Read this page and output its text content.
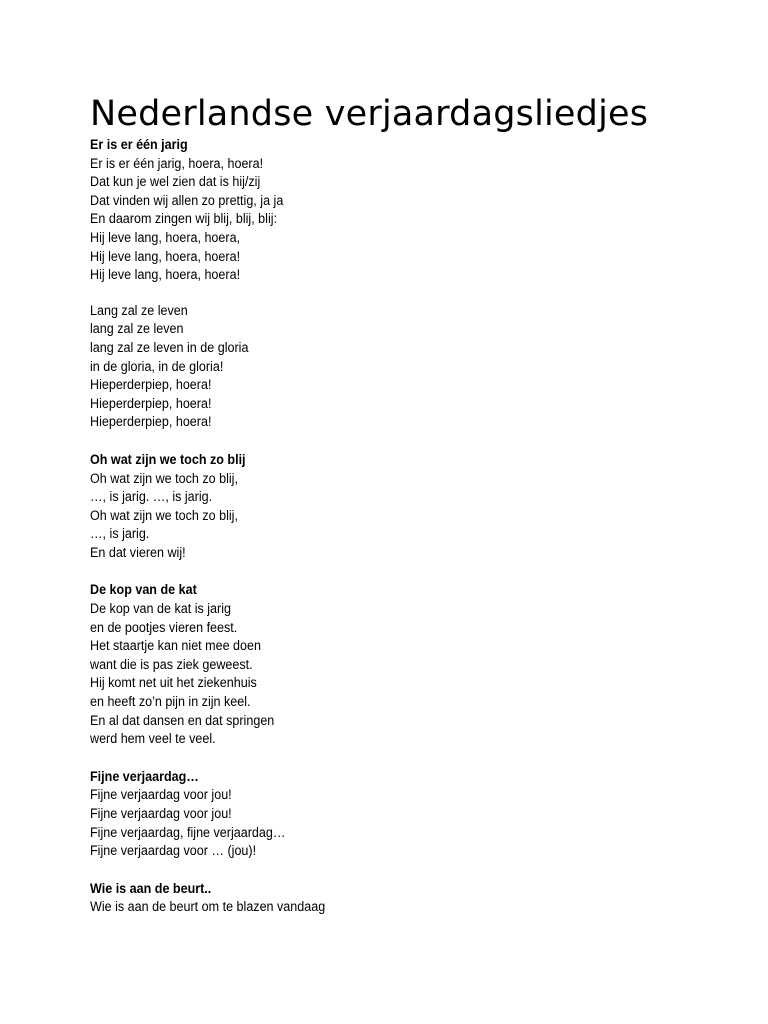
Nederlandse verjaardagsliedjes

Er is er één jarig

Er is er één jarig, hoera, hoera!

Dat kun je wel zien dat is hij/zij

Dat vinden wij allen zo prettig, ja ja

En daarom zingen wij blij, blij, blij:

Hij leve lang, hoera, hoera,

Hij leve lang, hoera, hoera!

Hij leve lang, hoera, hoera!

Lang zal ze leven

lang zal ze leven

lang zal ze leven in de gloria

in de gloria, in de gloria!

Hieperderpiep, hoera!

Hieperderpiep, hoera!

Hieperderpiep, hoera!

Oh wat zijn we toch zo blij

Oh wat zijn we toch zo blij,

…, is jarig. …, is jarig.

Oh wat zijn we toch zo blij,

…, is jarig.

En dat vieren wij!

De kop van de kat

De kop van de kat is jarig

en de pootjes vieren feest.

Het staartje kan niet mee doen

want die is pas ziek geweest.

Hij komt net uit het ziekenhuis

en heeft zo’n pijn in zijn keel.

En al dat dansen en dat springen

werd hem veel te veel.

Fijne verjaardag…

Fijne verjaardag voor jou!

Fijne verjaardag voor jou!

Fijne verjaardag, fijne verjaardag…

Fijne verjaardag voor … (jou)!

Wie is aan de beurt..

Wie is aan de beurt om te blazen vandaag
